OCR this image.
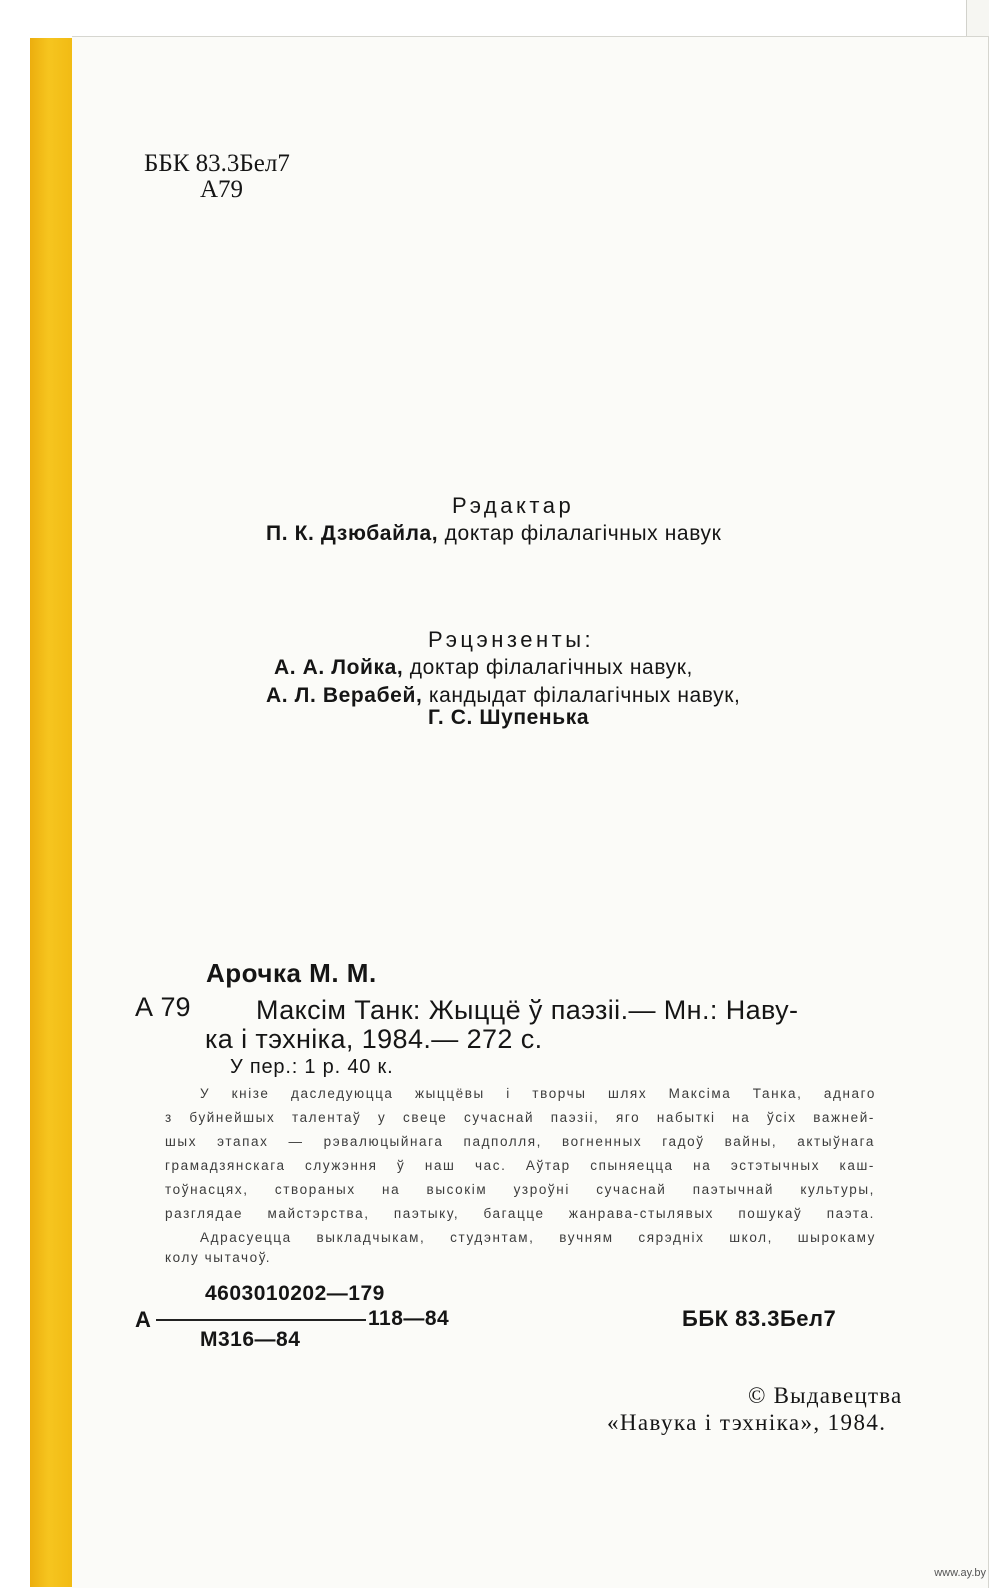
ББК 83.3Бел7
А79
Рэдактар
П. К. Дзюбайла, доктар філалагічных навук
Рэцэнзенты:
А. А. Лойка, доктар філалагічных навук,
А. Л. Верабей, кандыдат філалагічных навук,
Г. С. Шупенька
Арочка М. М.
А 79 Максім Танк: Жыццё ў паэзіі.— Мн.: Наву-
ка і тэхніка, 1984.— 272 с.
У пер.: 1 р. 40 к.
У кнізе даследуюцца жыццёвы і творчы шлях Максіма Танка, аднаго
з буйнейшых талентаў у свеце сучаснай паэзіі, яго набыткі на ўсіх важней-
шых этапах — рэвалюцыйнага падполля, вогненных гадоў вайны, актыўнага
грамадзянскага служэння ў наш час. Аўтар спыняецца на эстэтычных каш-
тоўнасцях, створаных на высокім узроўні сучаснай паэтычнай культуры,
разглядае майстэрства, паэтыку, багацце жанрава-стылявых пошукаў паэта.
Адрасуецца выкладчыкам, студэнтам, вучням сярэдніх школ, шырокаму
колу чытачоў.
4603010202—179
А	118—84
М316—84
ББК 83.3Бел7
© Выдавецтва
«Навука і тэхніка», 1984.
www.ay.by
